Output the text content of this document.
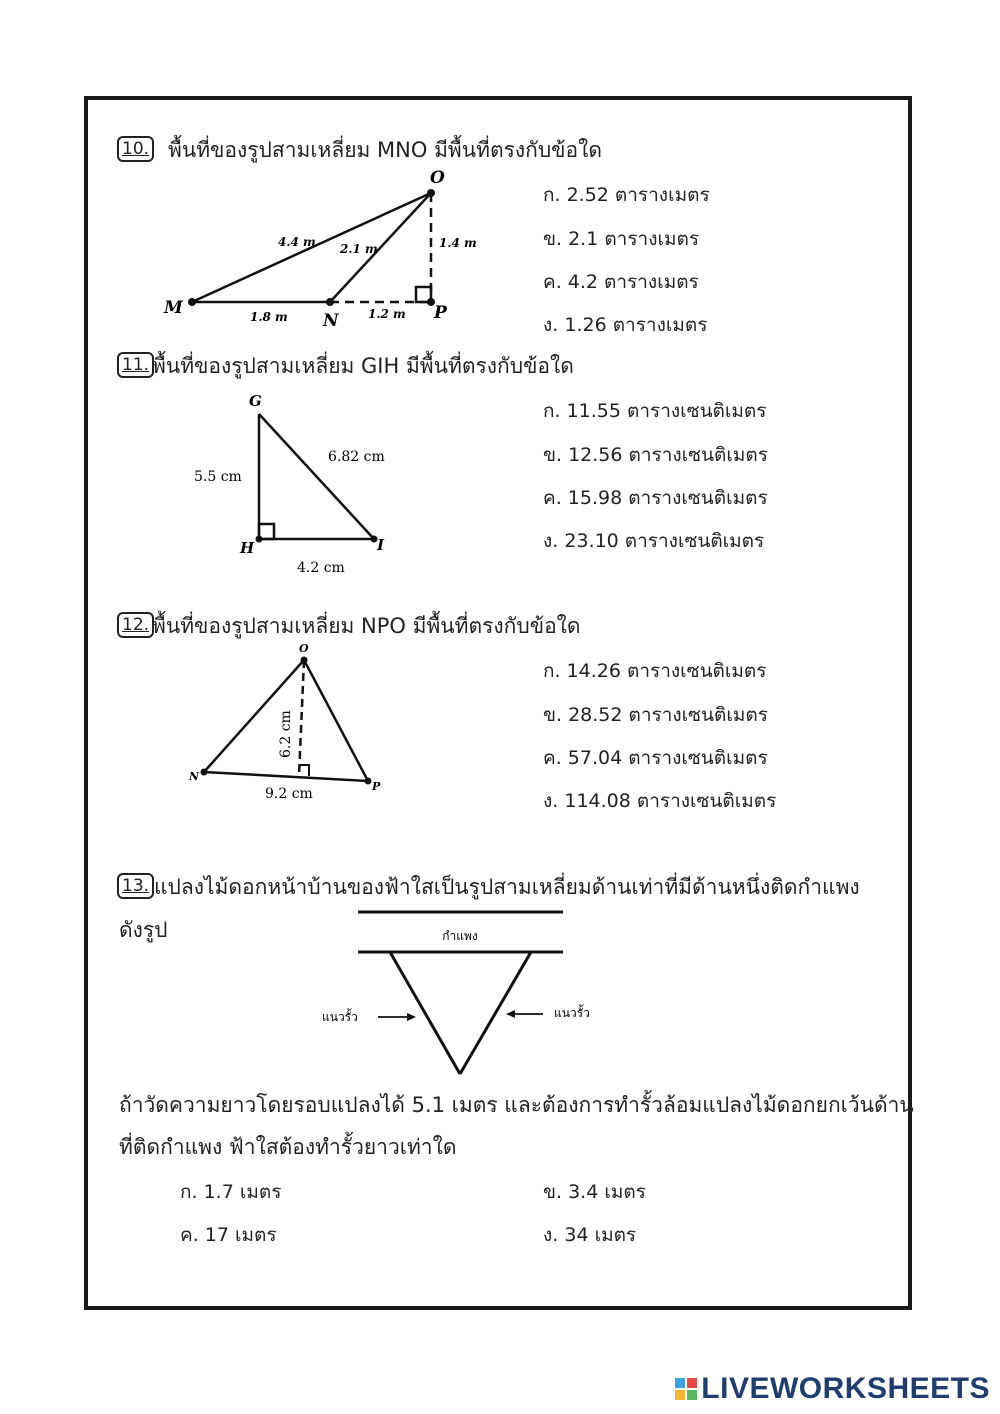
10. พื้นที่ของรูปสามเหลี่ยม MNO มีพื้นที่ตรงกับข้อใด
O
M
N	P
4.4 m 2.1 m	1.4 m
1.8 m	1.2 m
ก. 2.52 ตารางเมตร
ข. 2.1 ตารางเมตร
ค. 4.2 ตารางเมตร
ง. 1.26 ตารางเมตร
11. พื้นที่ของรูปสามเหลี่ยม GIH มีพื้นที่ตรงกับข้อใด
G
H	I
5.5 cm
6.82 cm
4.2 cm
ก. 11.55 ตารางเซนติเมตร
ข. 12.56 ตารางเซนติเมตร
ค. 15.98 ตารางเซนติเมตร
ง. 23.10 ตารางเซนติเมตร
12. พื้นที่ของรูปสามเหลี่ยม NPO มีพื้นที่ตรงกับข้อใด
O
N
P
6.2 cm
9.2 cm
ก. 14.26 ตารางเซนติเมตร
ข. 28.52 ตารางเซนติเมตร
ค. 57.04 ตารางเซนติเมตร
ง. 114.08 ตารางเซนติเมตร
13. แปลงไม้ดอกหน้าบ้านของฟ้าใสเป็นรูปสามเหลี่ยมด้านเท่าที่มีด้านหนึ่งติดกำแพง
ดังรูป	กำแพง
แนวรั้ว	แนวรั้ว
ถ้าวัดความยาวโดยรอบแปลงได้ 5.1 เมตร และต้องการทำรั้วล้อมแปลงไม้ดอกยกเว้นด้าน
ที่ติดกำแพง ฟ้าใสต้องทำรั้วยาวเท่าใด
ก. 1.7 เมตร	ข. 3.4 เมตร
ค. 17 เมตร	ง. 34 เมตร
LIVEWORKSHEETS
